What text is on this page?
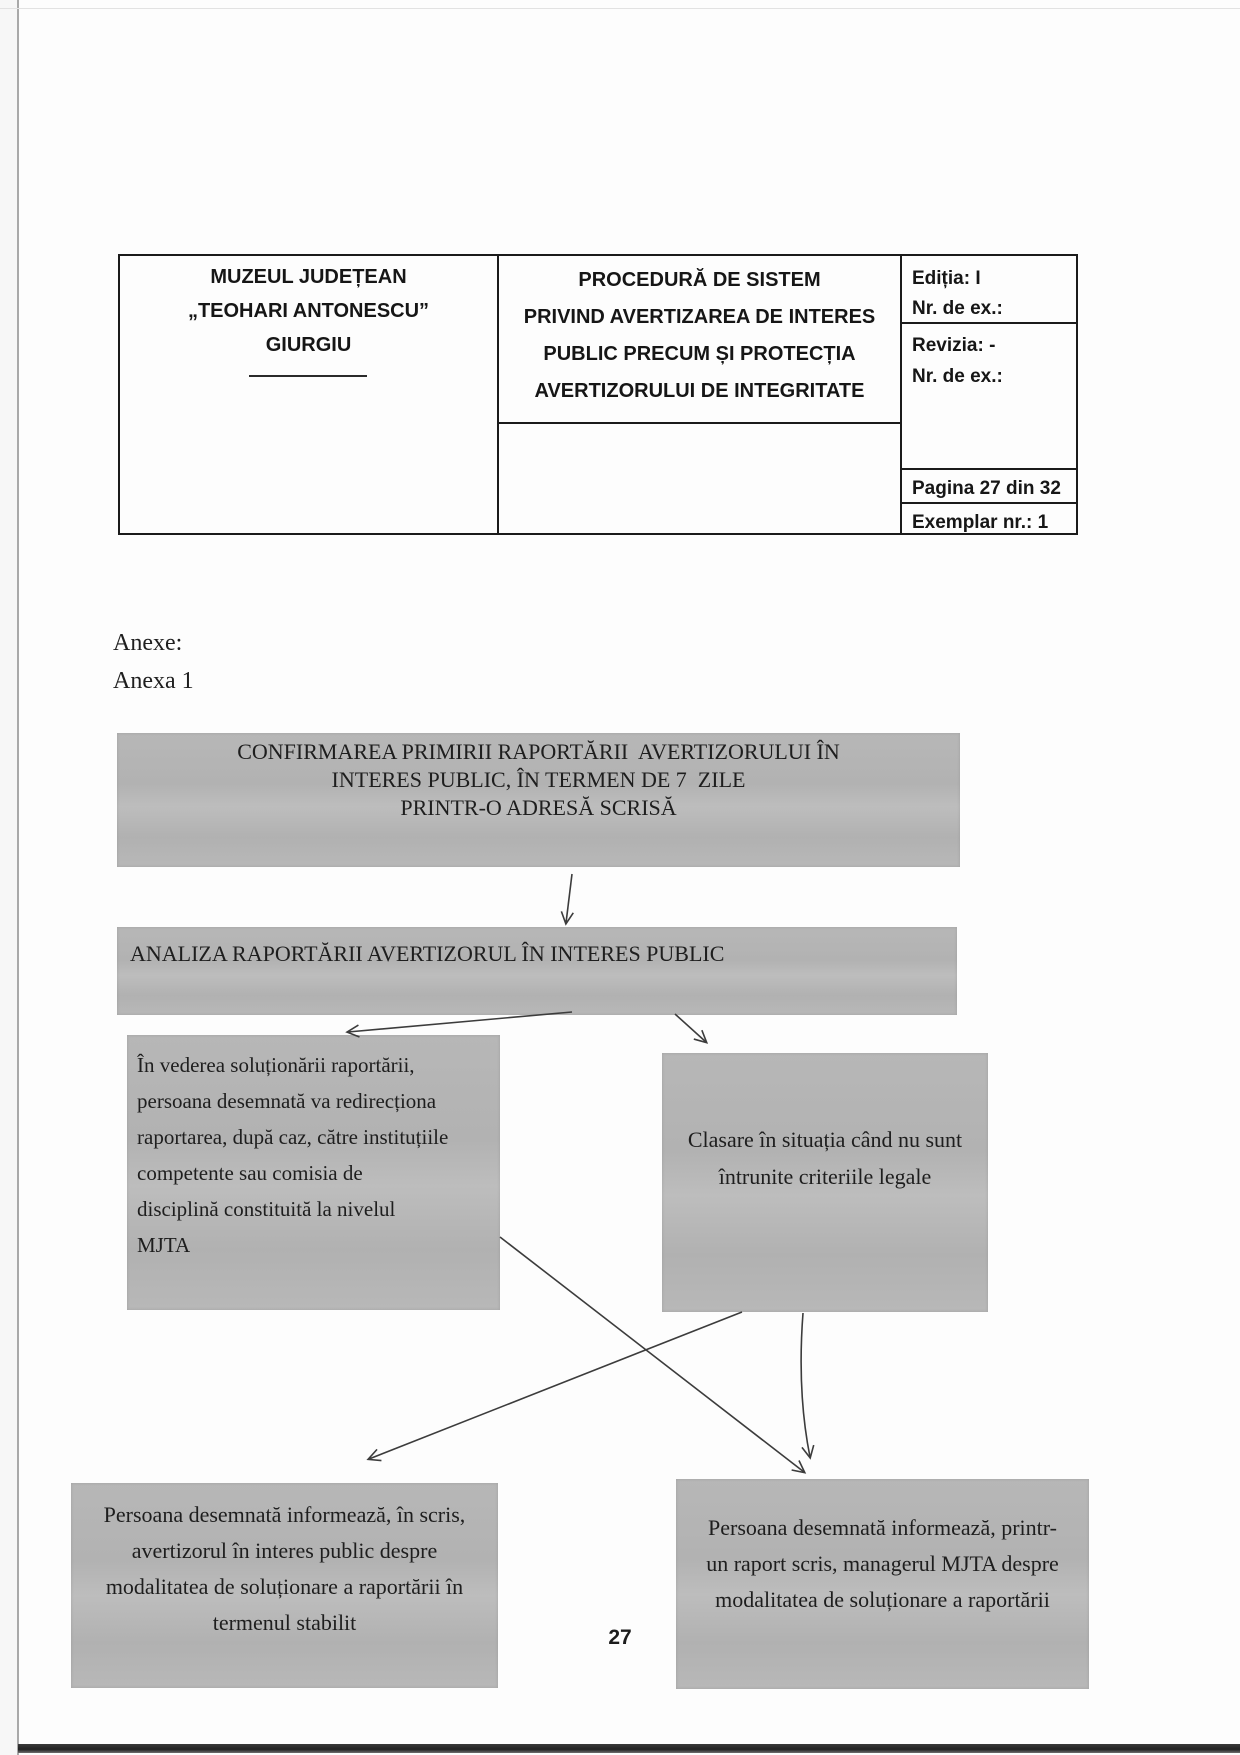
MUZEUL JUDEȚEAN
„TEOHARI ANTONESCU”
GIURGIU
PROCEDURĂ DE SISTEM
PRIVIND AVERTIZAREA DE INTERES
PUBLIC PRECUM ȘI PROTECȚIA
AVERTIZORULUI DE INTEGRITATE
Ediția: I
Nr. de ex.:
Revizia: -
Nr. de ex.:
Pagina 27 din 32
Exemplar nr.: 1
Anexe:
Anexa 1
CONFIRMAREA PRIMIRII RAPORTĂRII  AVERTIZORULUI ÎN
INTERES PUBLIC, ÎN TERMEN DE 7  ZILE
PRINTR-O ADRESĂ SCRISĂ
ANALIZA RAPORTĂRII AVERTIZORUL ÎN INTERES PUBLIC
În vederea soluționării raportării,
persoana desemnată va redirecționa
raportarea, după caz, către instituțiile
competente sau comisia de
disciplină constituită la nivelul
MJTA
Clasare în situația când nu sunt
întrunite criteriile legale
Persoana desemnată informează, în scris,
avertizorul în interes public despre
modalitatea de soluționare a raportării în
termenul stabilit
Persoana desemnată informează, printr-
un raport scris, managerul MJTA despre
modalitatea de soluționare a raportării
27
